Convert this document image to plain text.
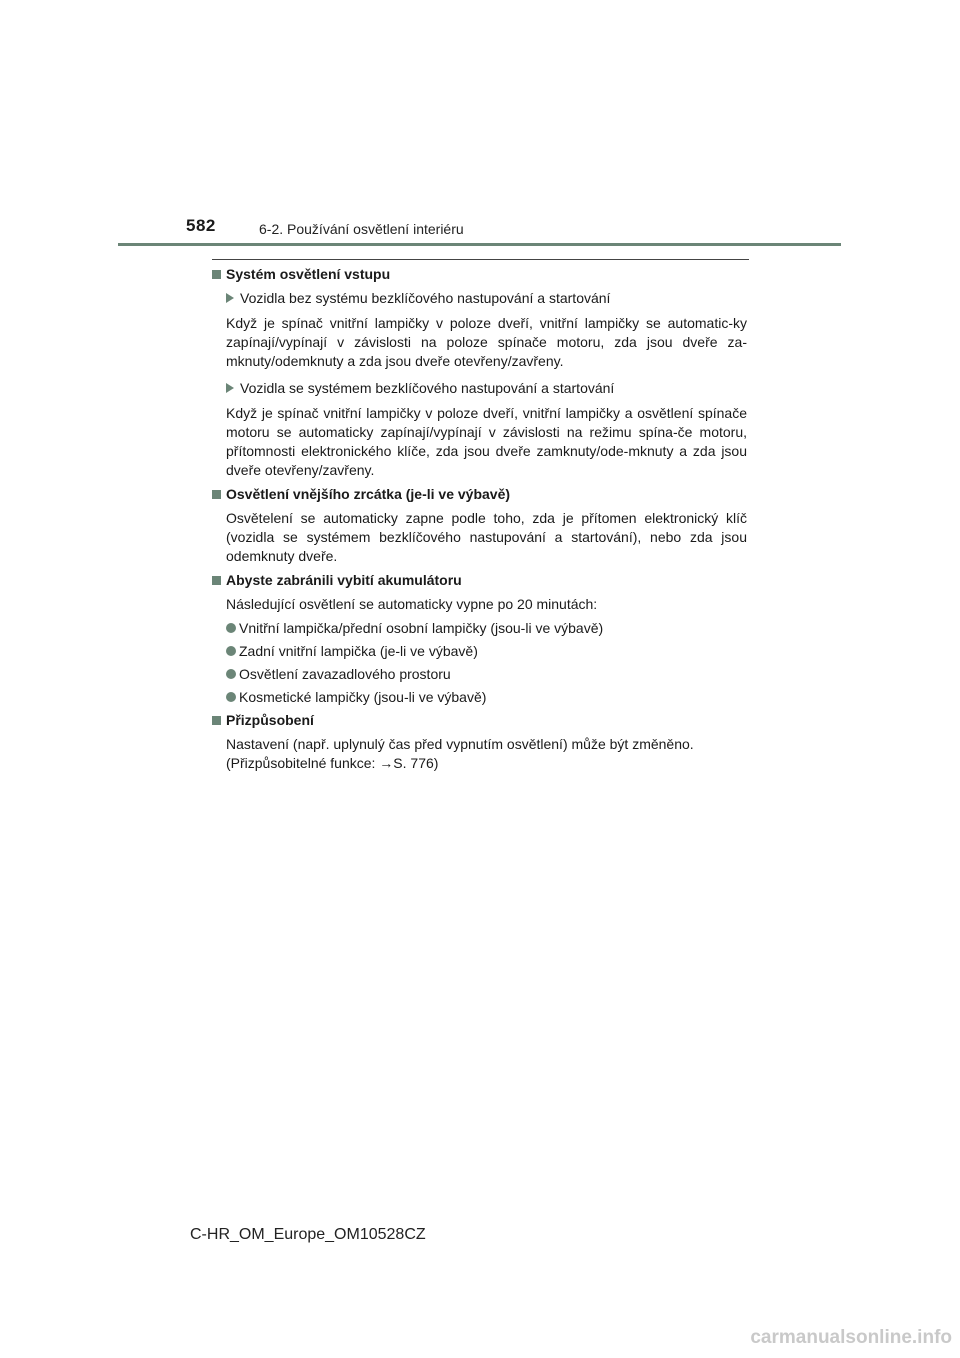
582	6-2. Používání osvětlení interiéru
Systém osvětlení vstupu
Vozidla bez systému bezklíčového nastupování a startování
Když je spínač vnitřní lampičky v poloze dveří, vnitřní lampičky se automatic-ky zapínají/vypínají v závislosti na poloze spínače motoru, zda jsou dveře za-mknuty/odemknuty a zda jsou dveře otevřeny/zavřeny.
Vozidla se systémem bezklíčového nastupování a startování
Když je spínač vnitřní lampičky v poloze dveří, vnitřní lampičky a osvětlení spínače motoru se automaticky zapínají/vypínají v závislosti na režimu spína-če motoru, přítomnosti elektronického klíče, zda jsou dveře zamknuty/ode-mknuty a zda jsou dveře otevřeny/zavřeny.
Osvětlení vnějšího zrcátka (je-li ve výbavě)
Osvětelení se automaticky zapne podle toho, zda je přítomen elektronický klíč (vozidla se systémem bezklíčového nastupování a startování), nebo zda jsou odemknuty dveře.
Abyste zabránili vybití akumulátoru
Následující osvětlení se automaticky vypne po 20 minutách:
Vnitřní lampička/přední osobní lampičky (jsou-li ve výbavě)
Zadní vnitřní lampička (je-li ve výbavě)
Osvětlení zavazadlového prostoru
Kosmetické lampičky (jsou-li ve výbavě)
Přizpůsobení
Nastavení (např. uplynulý čas před vypnutím osvětlení) může být změněno.
(Přizpůsobitelné funkce: →S. 776)
C-HR_OM_Europe_OM10528CZ
carmanualsonline.info
